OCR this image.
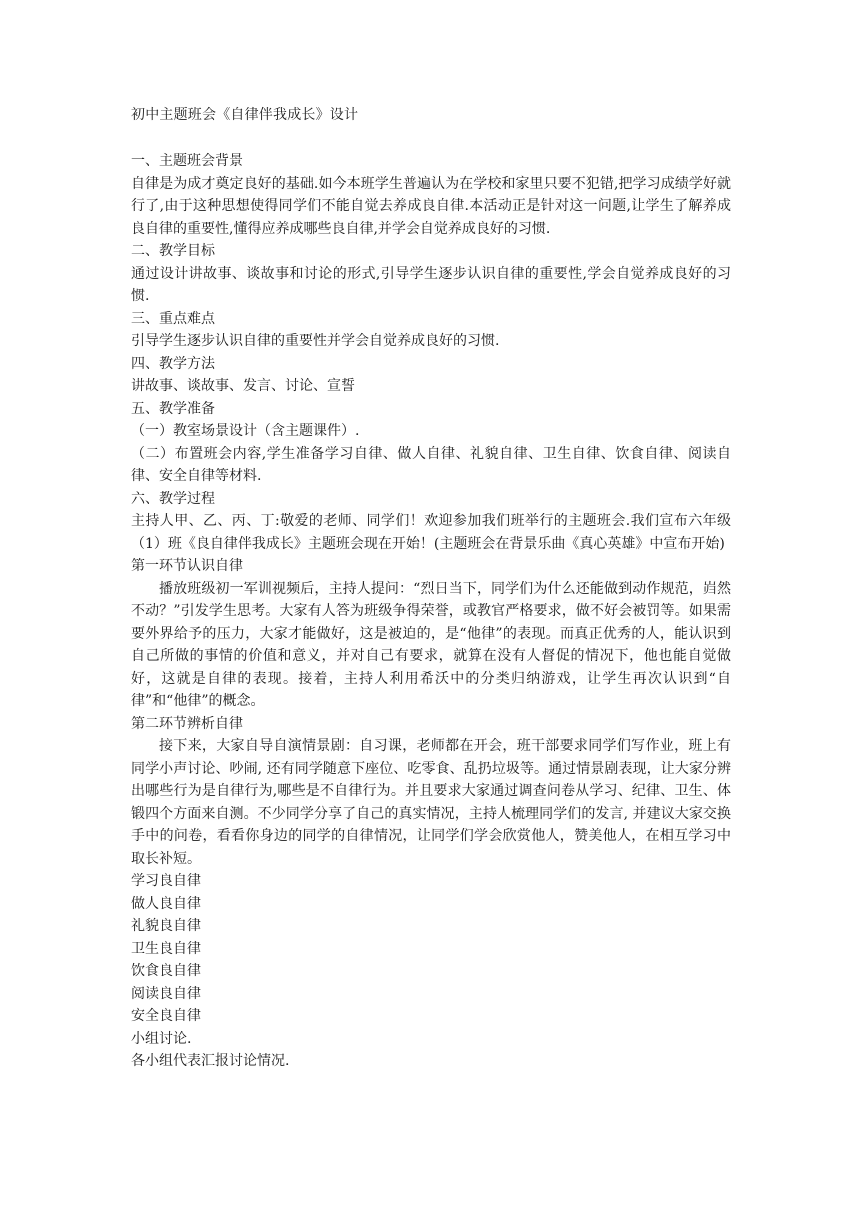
初中主题班会《自律伴我成长》设计

一、主题班会背景

自律是为成才奠定良好的基础.如今本班学生普遍认为在学校和家里只要不犯错,把学习成绩学好就行了,由于这种思想使得同学们不能自觉去养成良自律.本活动正是针对这一问题,让学生了解养成良自律的重要性,懂得应养成哪些良自律,并学会自觉养成良好的习惯.

二、教学目标

通过设计讲故事、谈故事和讨论的形式,引导学生逐步认识自律的重要性,学会自觉养成良好的习惯.

三、重点难点

引导学生逐步认识自律的重要性并学会自觉养成良好的习惯.

四、教学方法

讲故事、谈故事、发言、讨论、宣誓

五、教学准备

（一）教室场景设计（含主题课件）.

（二）布置班会内容,学生准备学习自律、做人自律、礼貌自律、卫生自律、饮食自律、阅读自律、安全自律等材料.

六、教学过程

主持人甲、乙、丙、丁:敬爱的老师、同学们！欢迎参加我们班举行的主题班会.我们宣布六年级（1）班《良自律伴我成长》主题班会现在开始！(主题班会在背景乐曲《真心英雄》中宣布开始)

第一环节认识自律

播放班级初一军训视频后，主持人提问：“烈日当下，同学们为什么还能做到动作规范，岿然不动？”引发学生思考。大家有人答为班级争得荣誉，或教官严格要求，做不好会被罚等。如果需要外界给予的压力，大家才能做好，这是被迫的，是“他律”的表现。而真正优秀的人，能认识到自己所做的事情的价值和意义，并对自己有要求，就算在没有人督促的情况下，他也能自觉做好，这就是自律的表现。接着，主持人利用希沃中的分类归纳游戏，让学生再次认识到“自律”和“他律”的概念。

第二环节辨析自律

接下来，大家自导自演情景剧：自习课，老师都在开会，班干部要求同学们写作业，班上有同学小声讨论、吵闹, 还有同学随意下座位、吃零食、乱扔垃圾等。通过情景剧表现，让大家分辨出哪些行为是自律行为,哪些是不自律行为。并且要求大家通过调查问卷从学习、纪律、卫生、体锻四个方面来自测。不少同学分享了自己的真实情况，主持人梳理同学们的发言, 并建议大家交换手中的问卷，看看你身边的同学的自律情况，让同学们学会欣赏他人，赞美他人，在相互学习中取长补短。

学习良自律
做人良自律
礼貌良自律
卫生良自律
饮食良自律
阅读良自律
安全良自律

小组讨论.

各小组代表汇报讨论情况.
